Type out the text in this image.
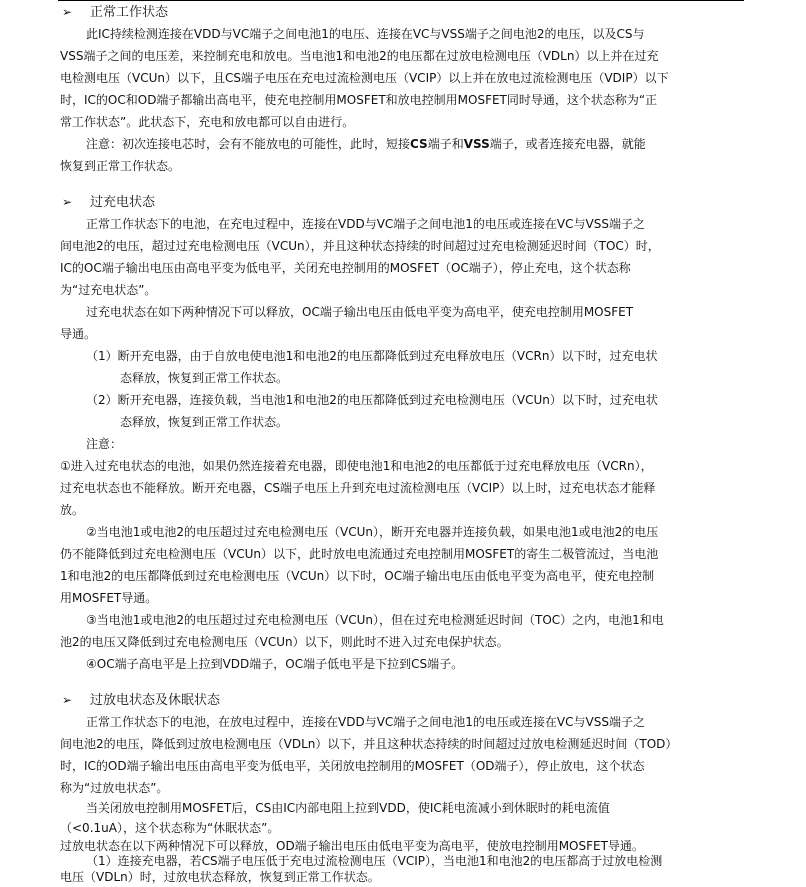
➢ 正常工作状态
此IC持续检测连接在VDD与VC端子之间电池1的电压、连接在VC与VSS端子之间电池2的电压，以及CS与
VSS端子之间的电压差，来控制充电和放电。当电池1和电池2的电压都在过放电检测电压（VDLn）以上并在过充
电检测电压（VCUn）以下，且CS端子电压在充电过流检测电压（VCIP）以上并在放电过流检测电压（VDIP）以下
时，IC的OC和OD端子都输出高电平，使充电控制用MOSFET和放电控制用MOSFET同时导通，这个状态称为“正
常工作状态”。此状态下，充电和放电都可以自由进行。
注意：初次连接电芯时，会有不能放电的可能性，此时，短接CS端子和VSS端子，或者连接充电器，就能
恢复到正常工作状态。
➢ 过充电状态
正常工作状态下的电池，在充电过程中，连接在VDD与VC端子之间电池1的电压或连接在VC与VSS端子之
间电池2的电压，超过过充电检测电压（VCUn），并且这种状态持续的时间超过过充电检测延迟时间（TOC）时，
IC的OC端子输出电压由高电平变为低电平，关闭充电控制用的MOSFET（OC端子），停止充电，这个状态称
为“过充电状态”。
过充电状态在如下两种情况下可以释放，OC端子输出电压由低电平变为高电平，使充电控制用MOSFET
导通。
（1）断开充电器，由于自放电使电池1和电池2的电压都降低到过充电释放电压（VCRn）以下时，过充电状
态释放，恢复到正常工作状态。
（2）断开充电器，连接负载，当电池1和电池2的电压都降低到过充电检测电压（VCUn）以下时，过充电状
态释放，恢复到正常工作状态。
注意：
①进入过充电状态的电池，如果仍然连接着充电器，即使电池1和电池2的电压都低于过充电释放电压（VCRn），
过充电状态也不能释放。断开充电器，CS端子电压上升到充电过流检测电压（VCIP）以上时，过充电状态才能释
放。
②当电池1或电池2的电压超过过充电检测电压（VCUn），断开充电器并连接负载，如果电池1或电池2的电压
仍不能降低到过充电检测电压（VCUn）以下，此时放电电流通过充电控制用MOSFET的寄生二极管流过，当电池
1和电池2的电压都降低到过充电检测电压（VCUn）以下时，OC端子输出电压由低电平变为高电平，使充电控制
用MOSFET导通。
③当电池1或电池2的电压超过过充电检测电压（VCUn），但在过充电检测延迟时间（TOC）之内，电池1和电
池2的电压又降低到过充电检测电压（VCUn）以下，则此时不进入过充电保护状态。
④OC端子高电平是上拉到VDD端子，OC端子低电平是下拉到CS端子。
➢ 过放电状态及休眠状态
正常工作状态下的电池，在放电过程中，连接在VDD与VC端子之间电池1的电压或连接在VC与VSS端子之
间电池2的电压，降低到过放电检测电压（VDLn）以下，并且这种状态持续的时间超过过放电检测延迟时间（TOD）
时，IC的OD端子输出电压由高电平变为低电平，关闭放电控制用的MOSFET（OD端子），停止放电，这个状态
称为“过放电状态”。
当关闭放电控制用MOSFET后，CS由IC内部电阻上拉到VDD，使IC耗电流减小到休眠时的耗电流值
（<0.1uA），这个状态称为“休眠状态”。
过放电状态在以下两种情况下可以释放，OD端子输出电压由低电平变为高电平，使放电控制用MOSFET导通。
（1）连接充电器，若CS端子电压低于充电过流检测电压（VCIP），当电池1和电池2的电压都高于过放电检测
电压（VDLn）时，过放电状态释放，恢复到正常工作状态。
